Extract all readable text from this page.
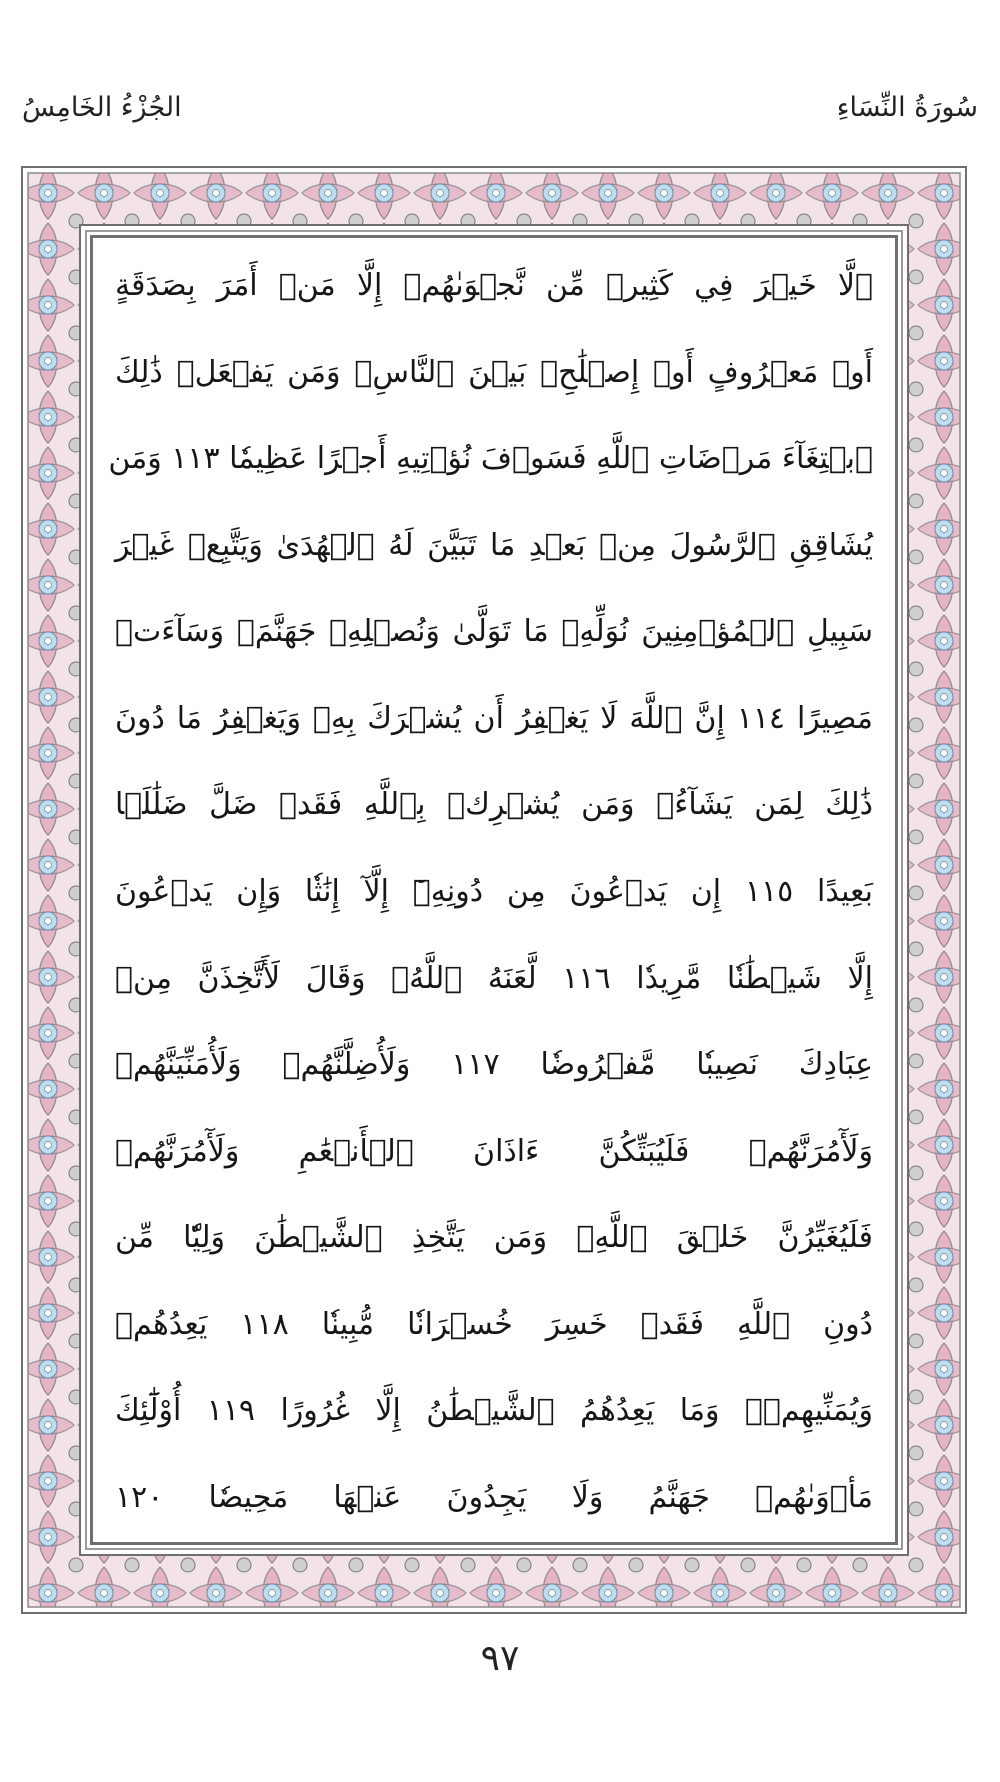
الجُزْءُ الخَامِسُ	سُورَةُ النِّسَاءِ
۞لَّا خَيۡرَ فِي كَثِيرٖ مِّن نَّجۡوَىٰهُمۡ إِلَّا مَنۡ أَمَرَ بِصَدَقَةٍ
أَوۡ مَعۡرُوفٍ أَوۡ إِصۡلَٰحِۭ بَيۡنَ ٱلنَّاسِۚ وَمَن يَفۡعَلۡ ذَٰلِكَ
ٱبۡتِغَآءَ مَرۡضَاتِ ٱللَّهِ فَسَوۡفَ نُؤۡتِيهِ أَجۡرًا عَظِيمٗا ١١٣ وَمَن
يُشَاقِقِ ٱلرَّسُولَ مِنۢ بَعۡدِ مَا تَبَيَّنَ لَهُ ٱلۡهُدَىٰ وَيَتَّبِعۡ غَيۡرَ
سَبِيلِ ٱلۡمُؤۡمِنِينَ نُوَلِّهِۦ مَا تَوَلَّىٰ وَنُصۡلِهِۦ جَهَنَّمَۖ وَسَآءَتۡ
مَصِيرًا ١١٤ إِنَّ ٱللَّهَ لَا يَغۡفِرُ أَن يُشۡرَكَ بِهِۦ وَيَغۡفِرُ مَا دُونَ
ذَٰلِكَ لِمَن يَشَآءُۚ وَمَن يُشۡرِكۡ بِٱللَّهِ فَقَدۡ ضَلَّ ضَلَٰلَۢا
بَعِيدًا ١١٥ إِن يَدۡعُونَ مِن دُونِهِۦٓ إِلَّآ إِنَٰثٗا وَإِن يَدۡعُونَ
إِلَّا شَيۡطَٰنٗا مَّرِيدٗا ١١٦ لَّعَنَهُ ٱللَّهُۘ وَقَالَ لَأَتَّخِذَنَّ مِنۡ
عِبَادِكَ نَصِيبٗا مَّفۡرُوضٗا ١١٧ وَلَأُضِلَّنَّهُمۡ وَلَأُمَنِّيَنَّهُمۡ
وَلَأٓمُرَنَّهُمۡ فَلَيُبَتِّكُنَّ ءَاذَانَ ٱلۡأَنۡعَٰمِ وَلَأٓمُرَنَّهُمۡ
فَلَيُغَيِّرُنَّ خَلۡقَ ٱللَّهِۚ وَمَن يَتَّخِذِ ٱلشَّيۡطَٰنَ وَلِيّٗا مِّن
دُونِ ٱللَّهِ فَقَدۡ خَسِرَ خُسۡرَانٗا مُّبِينٗا ١١٨ يَعِدُهُمۡ
وَيُمَنِّيهِمۡۖ وَمَا يَعِدُهُمُ ٱلشَّيۡطَٰنُ إِلَّا غُرُورًا ١١٩ أُوْلَٰٓئِكَ
مَأۡوَىٰهُمۡ جَهَنَّمُ وَلَا يَجِدُونَ عَنۡهَا مَحِيصٗا ١٢٠
٩٧
